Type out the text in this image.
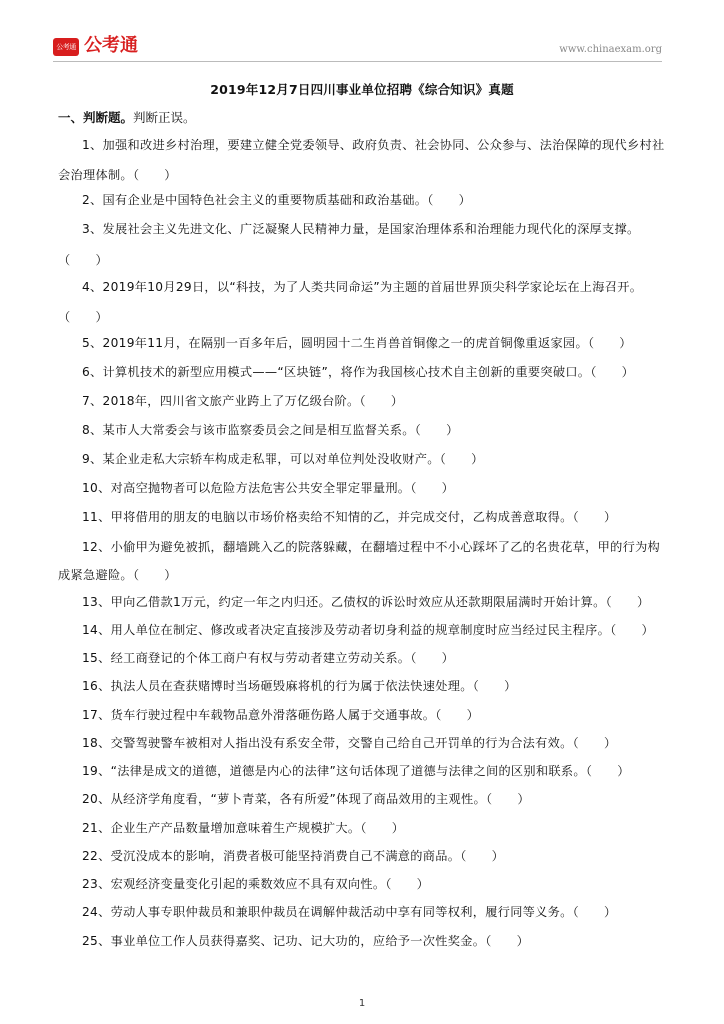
公考通 公考通	www.chinaexam.org
2019年12月7日四川事业单位招聘《综合知识》真题
一、判断题。判断正误。
1、加强和改进乡村治理，要建立健全党委领导、政府负责、社会协同、公众参与、法治保障的现代乡村社
会治理体制。（　　）
2、国有企业是中国特色社会主义的重要物质基础和政治基础。（　　）
3、发展社会主义先进文化、广泛凝聚人民精神力量，是国家治理体系和治理能力现代化的深厚支撑。
（　　）
4、2019年10月29日，以“科技，为了人类共同命运”为主题的首届世界顶尖科学家论坛在上海召开。
（　　）
5、2019年11月，在隔别一百多年后，圆明园十二生肖兽首铜像之一的虎首铜像重返家园。（　　）
6、计算机技术的新型应用模式——“区块链”，将作为我国核心技术自主创新的重要突破口。（　　）
7、2018年，四川省文旅产业跨上了万亿级台阶。（　　）
8、某市人大常委会与该市监察委员会之间是相互监督关系。（　　）
9、某企业走私大宗轿车构成走私罪，可以对单位判处没收财产。（　　）
10、对高空抛物者可以危险方法危害公共安全罪定罪量刑。（　　）
11、甲将借用的朋友的电脑以市场价格卖给不知情的乙，并完成交付，乙构成善意取得。（　　）
12、小偷甲为避免被抓，翻墙跳入乙的院落躲藏，在翻墙过程中不小心踩坏了乙的名贵花草，甲的行为构
成紧急避险。（　　）
13、甲向乙借款1万元，约定一年之内归还。乙债权的诉讼时效应从还款期限届满时开始计算。（　　）
14、用人单位在制定、修改或者决定直接涉及劳动者切身利益的规章制度时应当经过民主程序。（　　）
15、经工商登记的个体工商户有权与劳动者建立劳动关系。（　　）
16、执法人员在查获赌博时当场砸毁麻将机的行为属于依法快速处理。（　　）
17、货车行驶过程中车载物品意外滑落砸伤路人属于交通事故。（　　）
18、交警驾驶警车被相对人指出没有系安全带，交警自己给自己开罚单的行为合法有效。（　　）
19、“法律是成文的道德，道德是内心的法律”这句话体现了道德与法律之间的区别和联系。（　　）
20、从经济学角度看，“萝卜青菜，各有所爱”体现了商品效用的主观性。（　　）
21、企业生产产品数量增加意味着生产规模扩大。（　　）
22、受沉没成本的影响，消费者极可能坚持消费自己不满意的商品。（　　）
23、宏观经济变量变化引起的乘数效应不具有双向性。（　　）
24、劳动人事专职仲裁员和兼职仲裁员在调解仲裁活动中享有同等权利，履行同等义务。（　　）
25、事业单位工作人员获得嘉奖、记功、记大功的，应给予一次性奖金。（　　）
1
